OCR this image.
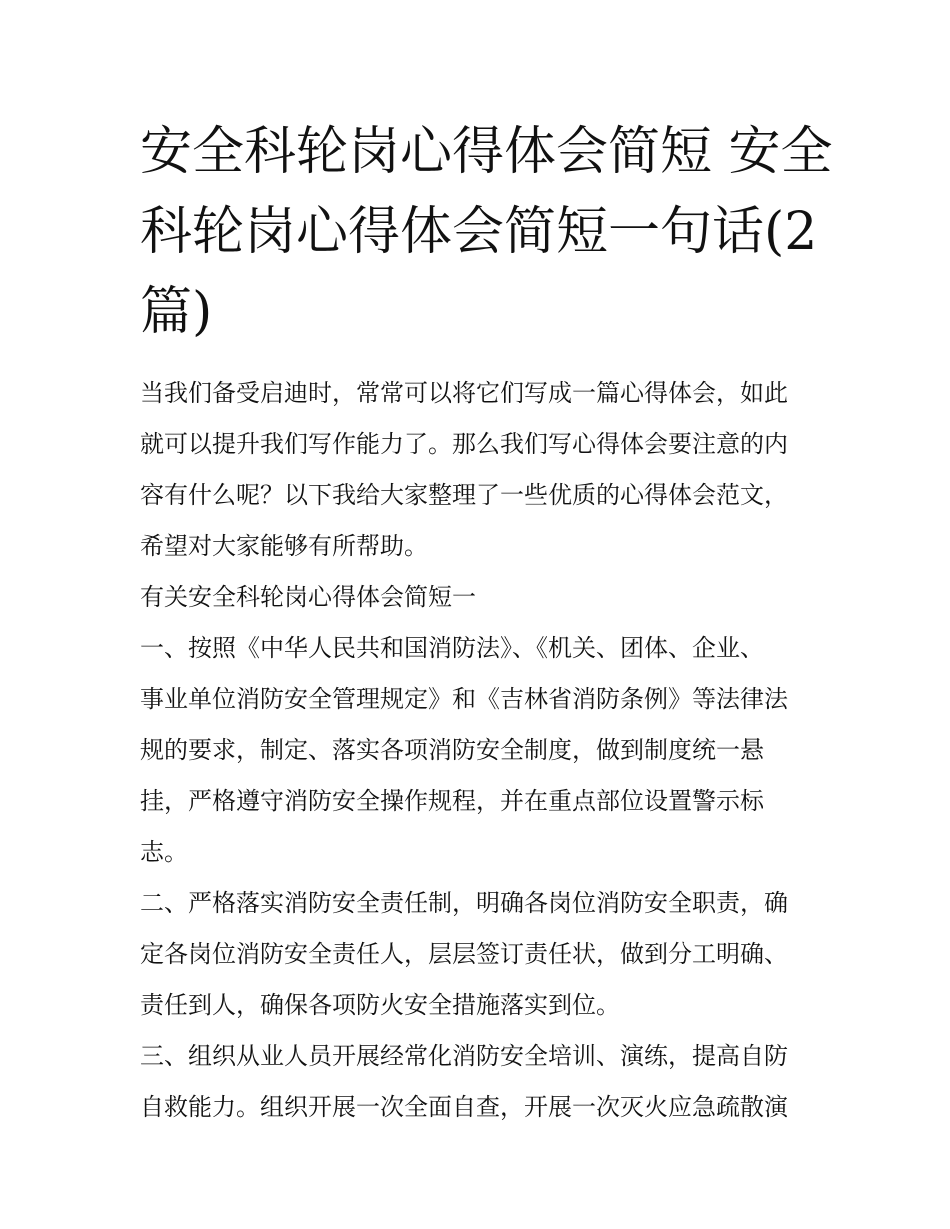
安全科轮岗心得体会简短 安全
科轮岗心得体会简短一句话(2
篇)

当我们备受启迪时，常常可以将它们写成一篇心得体会，如此
就可以提升我们写作能力了。那么我们写心得体会要注意的内
容有什么呢？以下我给大家整理了一些优质的心得体会范文，
希望对大家能够有所帮助。

有关安全科轮岗心得体会简短一

一、按照《中华人民共和国消防法》、《机关、团体、企业、
事业单位消防安全管理规定》和《吉林省消防条例》等法律法
规的要求，制定、落实各项消防安全制度，做到制度统一悬
挂，严格遵守消防安全操作规程，并在重点部位设置警示标
志。

二、严格落实消防安全责任制，明确各岗位消防安全职责，确
定各岗位消防安全责任人，层层签订责任状，做到分工明确、
责任到人，确保各项防火安全措施落实到位。

三、组织从业人员开展经常化消防安全培训、演练，提高自防
自救能力。组织开展一次全面自查，开展一次灭火应急疏散演
